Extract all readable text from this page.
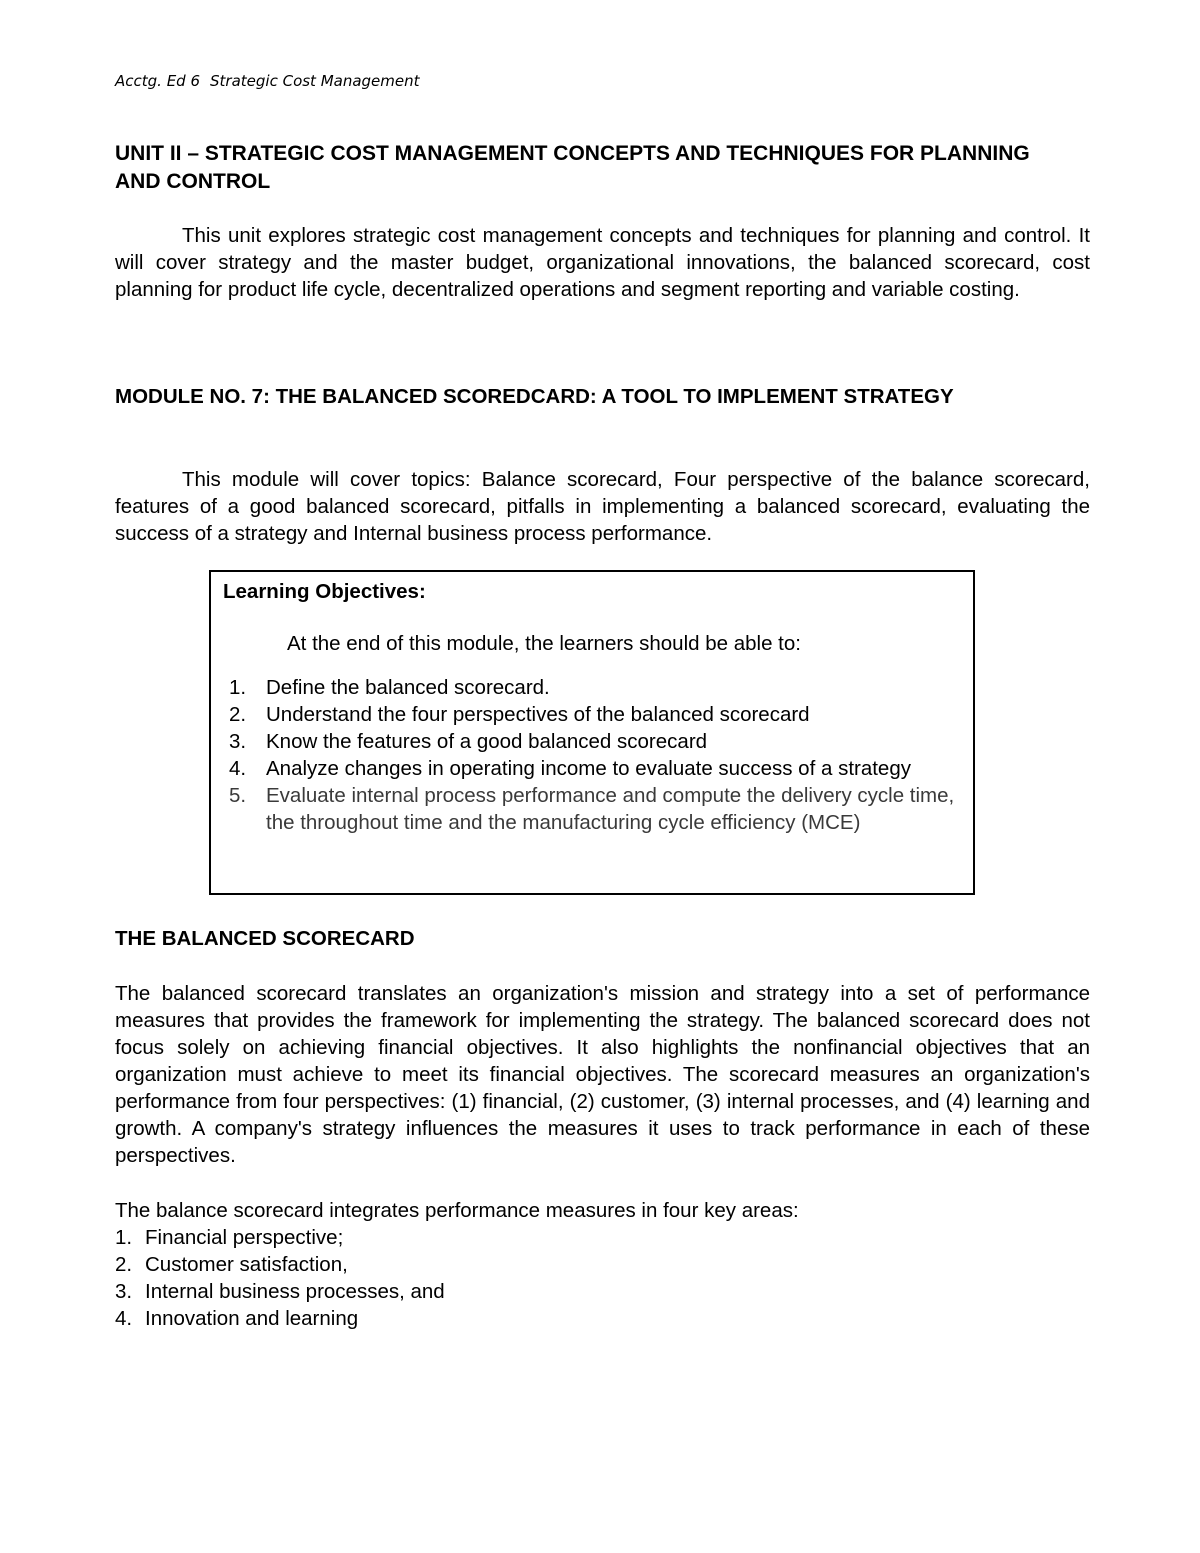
Acctg. Ed 6 Strategic Cost Management
UNIT II – STRATEGIC COST MANAGEMENT CONCEPTS AND TECHNIQUES FOR PLANNING AND CONTROL

This unit explores strategic cost management concepts and techniques for planning and control. It will cover strategy and the master budget, organizational innovations, the balanced scorecard, cost planning for product life cycle, decentralized operations and segment reporting and variable costing.

MODULE NO. 7: THE BALANCED SCOREDCARD: A TOOL TO IMPLEMENT STRATEGY

This module will cover topics: Balance scorecard, Four perspective of the balance scorecard, features of a good balanced scorecard, pitfalls in implementing a balanced scorecard, evaluating the success of a strategy and Internal business process performance.

Learning Objectives:

At the end of this module, the learners should be able to:

1. Define the balanced scorecard.
2. Understand the four perspectives of the balanced scorecard
3. Know the features of a good balanced scorecard
4. Analyze changes in operating income to evaluate success of a strategy
5. Evaluate internal process performance and compute the delivery cycle time, the throughout time and the manufacturing cycle efficiency (MCE)
THE BALANCED SCORECARD

The balanced scorecard translates an organization's mission and strategy into a set of performance measures that provides the framework for implementing the strategy. The balanced scorecard does not focus solely on achieving financial objectives. It also highlights the nonfinancial objectives that an organization must achieve to meet its financial objectives. The scorecard measures an organization's performance from four perspectives: (1) financial, (2) customer, (3) internal processes, and (4) learning and growth. A company's strategy influences the measures it uses to track performance in each of these perspectives.

The balance scorecard integrates performance measures in four key areas:

1. Financial perspective;
2. Customer satisfaction,
3. Internal business processes, and
4. Innovation and learning
